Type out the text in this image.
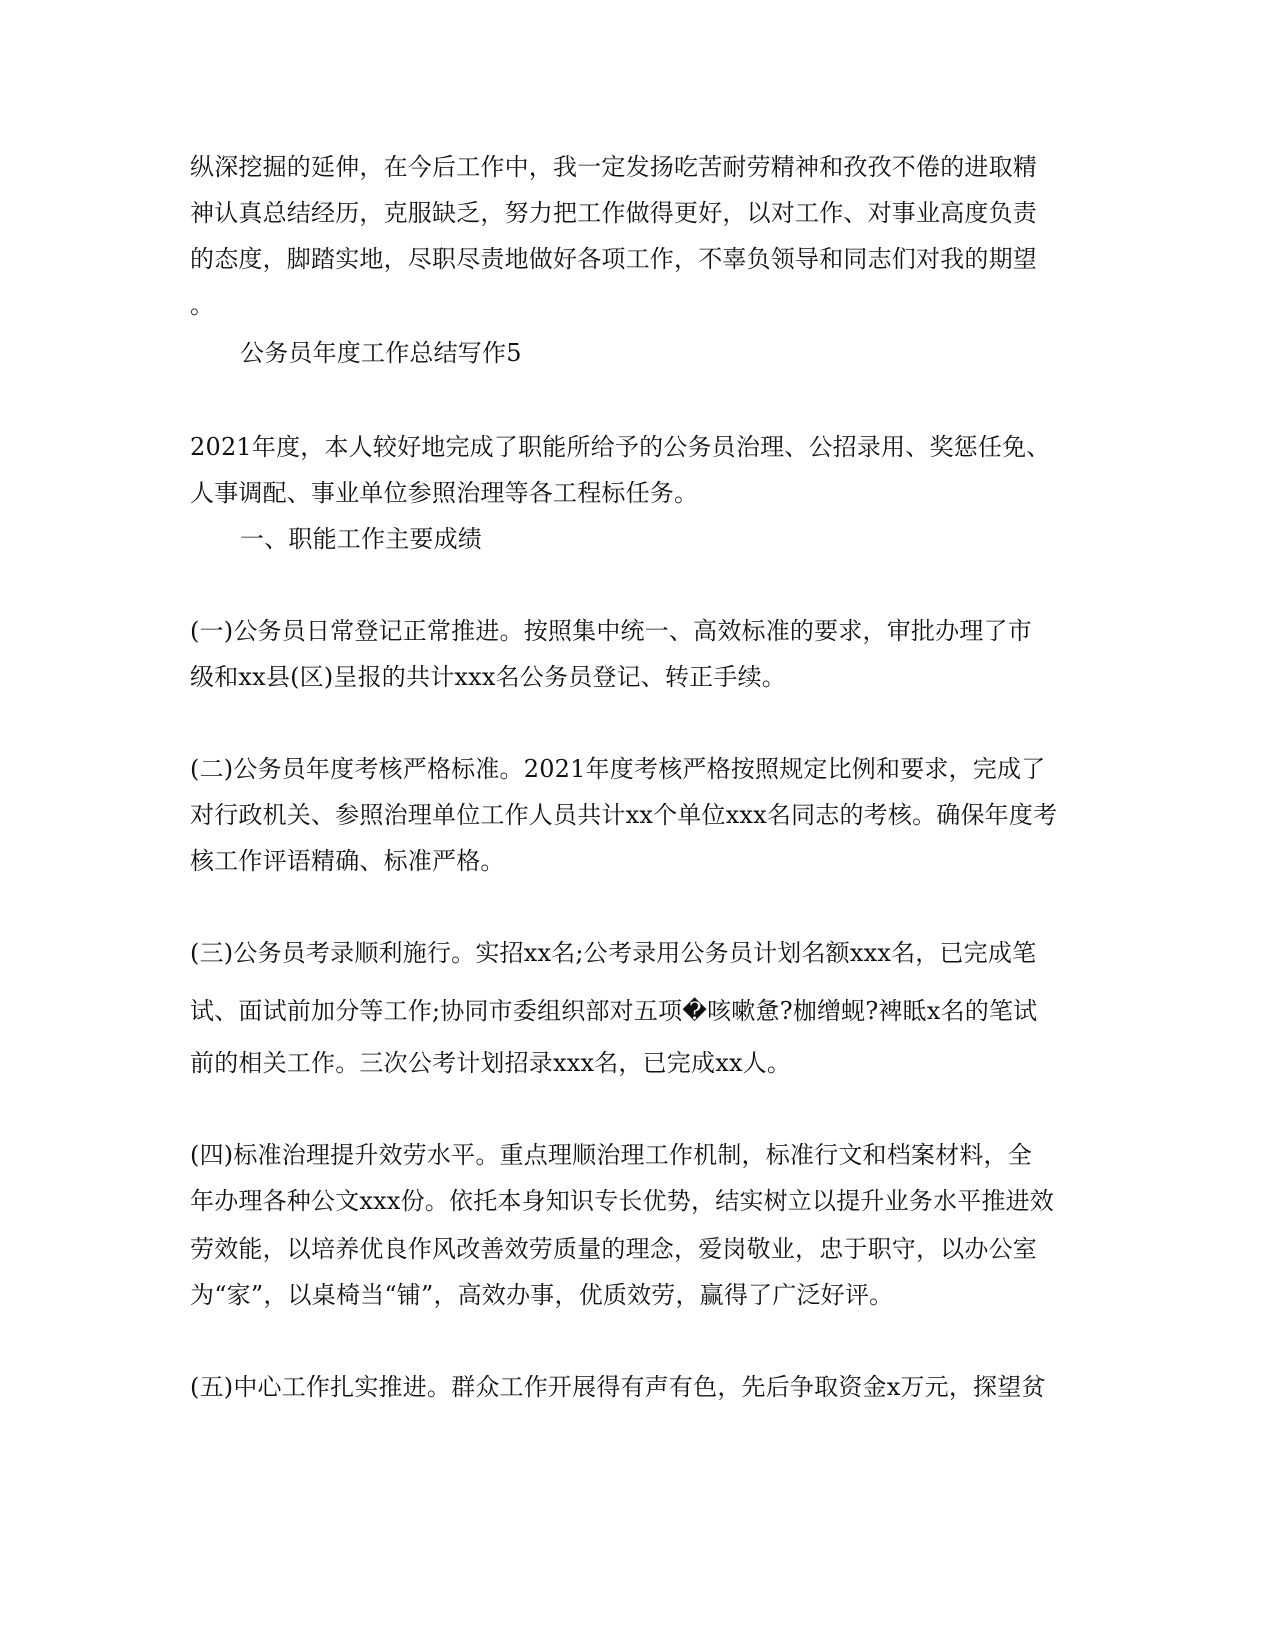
纵深挖掘的延伸，在今后工作中，我一定发扬吃苦耐劳精神和孜孜不倦的进取精
神认真总结经历，克服缺乏，努力把工作做得更好，以对工作、对事业高度负责
的态度，脚踏实地，尽职尽责地做好各项工作，不辜负领导和同志们对我的期望
。
公务员年度工作总结写作5
2021年度，本人较好地完成了职能所给予的公务员治理、公招录用、奖惩任免、
人事调配、事业单位参照治理等各工程标任务。
一、职能工作主要成绩
(一)公务员日常登记正常推进。按照集中统一、高效标准的要求，审批办理了市
级和xx县(区)呈报的共计xxx名公务员登记、转正手续。
(二)公务员年度考核严格标准。2021年度考核严格按照规定比例和要求，完成了
对行政机关、参照治理单位工作人员共计xx个单位xxx名同志的考核。确保年度考
核工作评语精确、标准严格。
(三)公务员考录顺利施行。实招xx名;公考录用公务员计划名额xxx名，已完成笔
试、面试前加分等工作;协同市委组织部对五项�咳嗽惫?枷缯蚬?裨眡x名的笔试
前的相关工作。三次公考计划招录xxx名，已完成xx人。
(四)标准治理提升效劳水平。重点理顺治理工作机制，标准行文和档案材料，全
年办理各种公文xxx份。依托本身知识专长优势，结实树立以提升业务水平推进效
劳效能，以培养优良作风改善效劳质量的理念，爱岗敬业，忠于职守，以办公室
为“家”，以桌椅当“铺”，高效办事，优质效劳，赢得了广泛好评。
(五)中心工作扎实推进。群众工作开展得有声有色，先后争取资金x万元，探望贫
